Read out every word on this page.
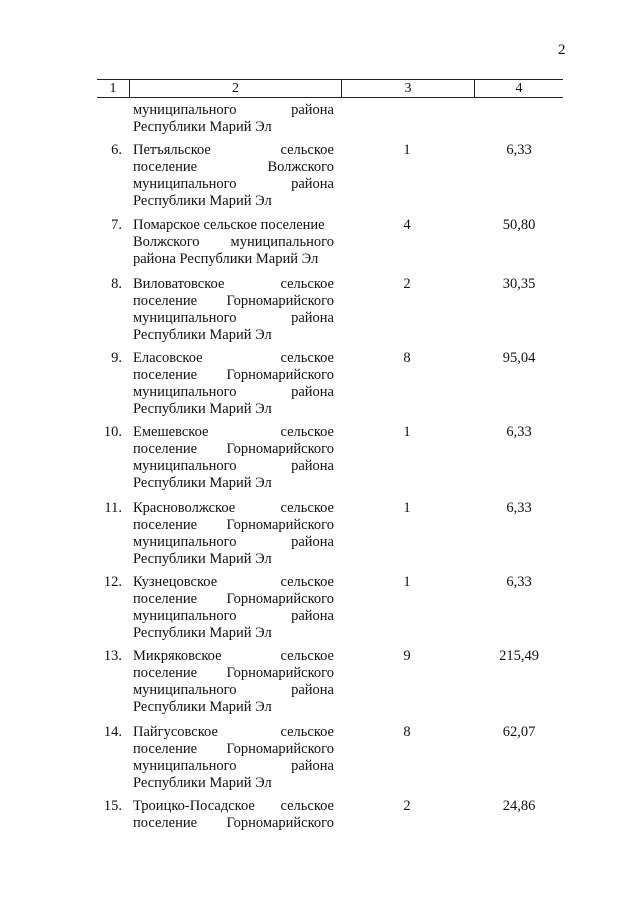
2
1	2	3	4
муниципального	района
Республики Марий Эл
6. Петъяльское	сельское
поселение	Волжского
муниципального	района
Республики Марий Эл
1	6,33
7. Помарское сельское поселение
Волжского муниципального
района Республики Марий Эл
4	50,80
8. Виловатовское	сельское
поселение Горномарийского
муниципального	района
Республики Марий Эл
2	30,35
9. Еласовское	сельское
поселение Горномарийского
муниципального	района
Республики Марий Эл
8	95,04
10. Емешевское	сельское
поселение Горномарийского
муниципального	района
Республики Марий Эл
1	6,33
11. Красноволжское	сельское
поселение Горномарийского
муниципального	района
Республики Марий Эл
1	6,33
12. Кузнецовское	сельское
поселение Горномарийского
муниципального	района
Республики Марий Эл
1	6,33
13. Микряковское	сельское
поселение Горномарийского
муниципального	района
Республики Марий Эл
9	215,49
14. Пайгусовское	сельское
поселение Горномарийского
муниципального	района
Республики Марий Эл
8	62,07
15. Троицко-Посадское сельское
поселение Горномарийского
2	24,86
